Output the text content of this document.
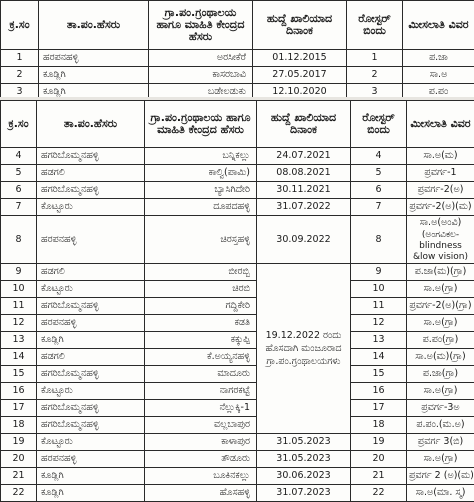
ಕ್ರ.ಸಂ	ತಾ.ಪಂ.ಹೆಸರು	ಗ್ರಾ.ಪಂ.ಗ್ರಂಥಾಲಯ ಹಾಗೂ ಮಾಹಿತಿ ಕೇಂದ್ರದ ಹೆಸರು	ಹುದ್ದೆ ಖಾಲಿಯಾದ ದಿನಾಂಕ	ರೋಸ್ಟರ್ ಬಿಂದು	ಮೀಸಲಾತಿ ವಿವರ
1	ಹರಪನಹಳ್ಳಿ	ಅರಸೀಕೆರೆ	01.12.2015	1	ಪ.ಜಾ
2	ಕೂಡ್ಲಿಗಿ	ಕಾಸರಬಾವಿ	27.05.2017	2	ಸಾ.ಅ
3	ಕೂಡ್ಲಿಗಿ	ಬಡೇಲಡುಕು	12.10.2020	3	ಪ.ಪಂ
ಕ್ರ.ಸಂ	ತಾ.ಪಂ.ಹೆಸರು	ಗ್ರಾ.ಪಂ.ಗ್ರಂಥಾಲಯ ಹಾಗೂ ಮಾಹಿತಿ ಕೇಂದ್ರದ ಹೆಸರು	ಹುದ್ದೆ ಖಾಲಿಯಾದ ದಿನಾಂಕ	ರೋಸ್ಟರ್ ಬಿಂದು	ಮೀಸಲಾತಿ ವಿವರ
4	ಹಗರಿಬೊಮ್ಮನಹಳ್ಳಿ	ಬನ್ನಿಕಲ್ಲು	24.07.2021	4	ಸಾ.ಅ(ಮ)
5	ಹಡಗಲಿ	ಕಾಲ್ವಿ(ಪಾಮಿ)	08.08.2021	5	ಪ್ರವರ್ಗ-1
6	ಹಗರಿಬೊಮ್ಮನಹಳ್ಳಿ	ಬ್ಯಾಸಿಗಿದೇರಿ	30.11.2021	6	ಪ್ರವರ್ಗ-2(ಅ)
7	ಕೊಟ್ಟೂರು	ದೂಪದಹಳ್ಳಿ	31.07.2022	7	ಪ್ರವರ್ಗ-2(ಅ)(ಮ)
8	ಹರಪನಹಳ್ಳಿ	ಚಿರಸ್ತಹಳ್ಳಿ	30.09.2022	8	ಸಾ.ಅ(ಅಂವಿ)
(ಅಂಗವಿಕಲ-blindness &low vision)

9	ಹಡಗಲಿ	ಬೀರಬ್ಬಿ	19.12.2022 ರಂದು ಹೊಸದಾಗಿ ಮಂಜೂರಾದ ಗ್ರಾ.ಪಂ.ಗ್ರಂಥಾಲಯಗಳು	9	ಪ.ಜಾ(ಮ)(ಗ್ರಾ)
10	ಕೊಟ್ಟೂರು	ಚಿರಬಿ		10	ಸಾ.ಅ(ಗ್ರಾ)
11	ಹಗರಿಬೊಮ್ಮನಹಳ್ಳಿ	ಗದ್ದಿಕೇರಿ		11	ಪ್ರವರ್ಗ-2(ಅ)(ಗ್ರಾ)
12	ಹರಪನಹಳ್ಳಿ	ಕಡತಿ		12	ಸಾ.ಅ(ಗ್ರಾ)
13	ಕೂಡ್ಲಿಗಿ	ಕಕ್ಕುಪ್ಪಿ		13	ಪ.ಪಂ(ಗ್ರಾ)
14	ಹಡಗಲಿ	ಕೆ.ಅಯ್ಯನಹಳ್ಳಿ		14	ಸಾ.ಅ(ಮ)(ಗ್ರಾ)
15	ಹಗರಿಬೊಮ್ಮನಹಳ್ಳಿ	ಮಾದೂರು		15	ಪ.ಜಾ(ಗ್ರಾ)
16	ಕೊಟ್ಟೂರು	ನಾಗರಕಟ್ಟೆ		16	ಸಾ.ಅ(ಗ್ರಾ)
17	ಹಗರಿಬೊಮ್ಮನಹಳ್ಳಿ	ನೆಲ್ಲುಕ್ಕಿ-1		17	ಪ್ರವರ್ಗ-3ಅ
18	ಹಗರಿಬೊಮ್ಮನಹಳ್ಳಿ	ವಲ್ಲಬಾಪುರ		18	ಪ.ಪಂ.(ಮ.ಅ)
19	ಕೊಟ್ಟೂರು	ಕಾಳಾಪುರ	31.05.2023	19	ಪ್ರವರ್ಗ 3(ಬಿ)
20	ಹರಪನಹಳ್ಳಿ	ತೌಡೂರು	31.05.2023	20	ಸಾ.ಅ(ಗ್ರಾ)
21	ಕೂಡ್ಲಿಗಿ	ಬೂಕಿನಕಲ್ಲು	30.06.2023	21	ಪ್ರವರ್ಗ 2 (ಅ)(ಮ)
22	ಕೂಡ್ಲಿಗಿ	ಹೊಸಹಳ್ಳಿ	31.07.2023	22	ಸಾ.ಅ(ಮಾ. ಸ್ಮ)
